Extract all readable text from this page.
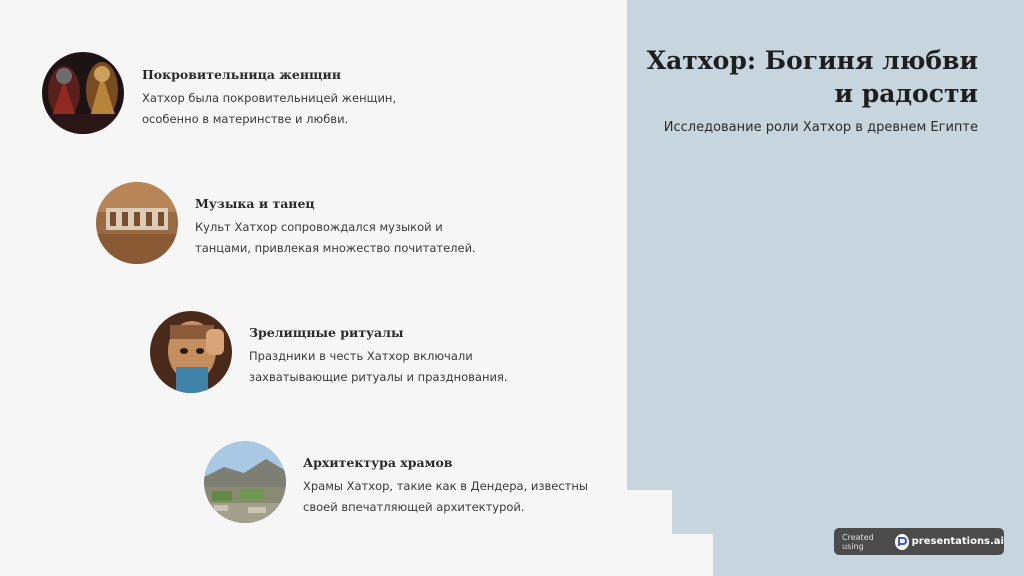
Хатхор: Богиня любви
и радости
Исследование роли Хатхор в древнем Египте
Покровительница женщин
Хатхор была покровительницей женщин,
особенно в материнстве и любви.
Музыка и танец
Культ Хатхор сопровождался музыкой и
танцами, привлекая множество почитателей.
Зрелищные ритуалы
Праздники в честь Хатхор включали
захватывающие ритуалы и празднования.
Архитектура храмов
Храмы Хатхор, такие как в Дендера, известны
своей впечатляющей архитектурой.
Created using	presentations.ai
